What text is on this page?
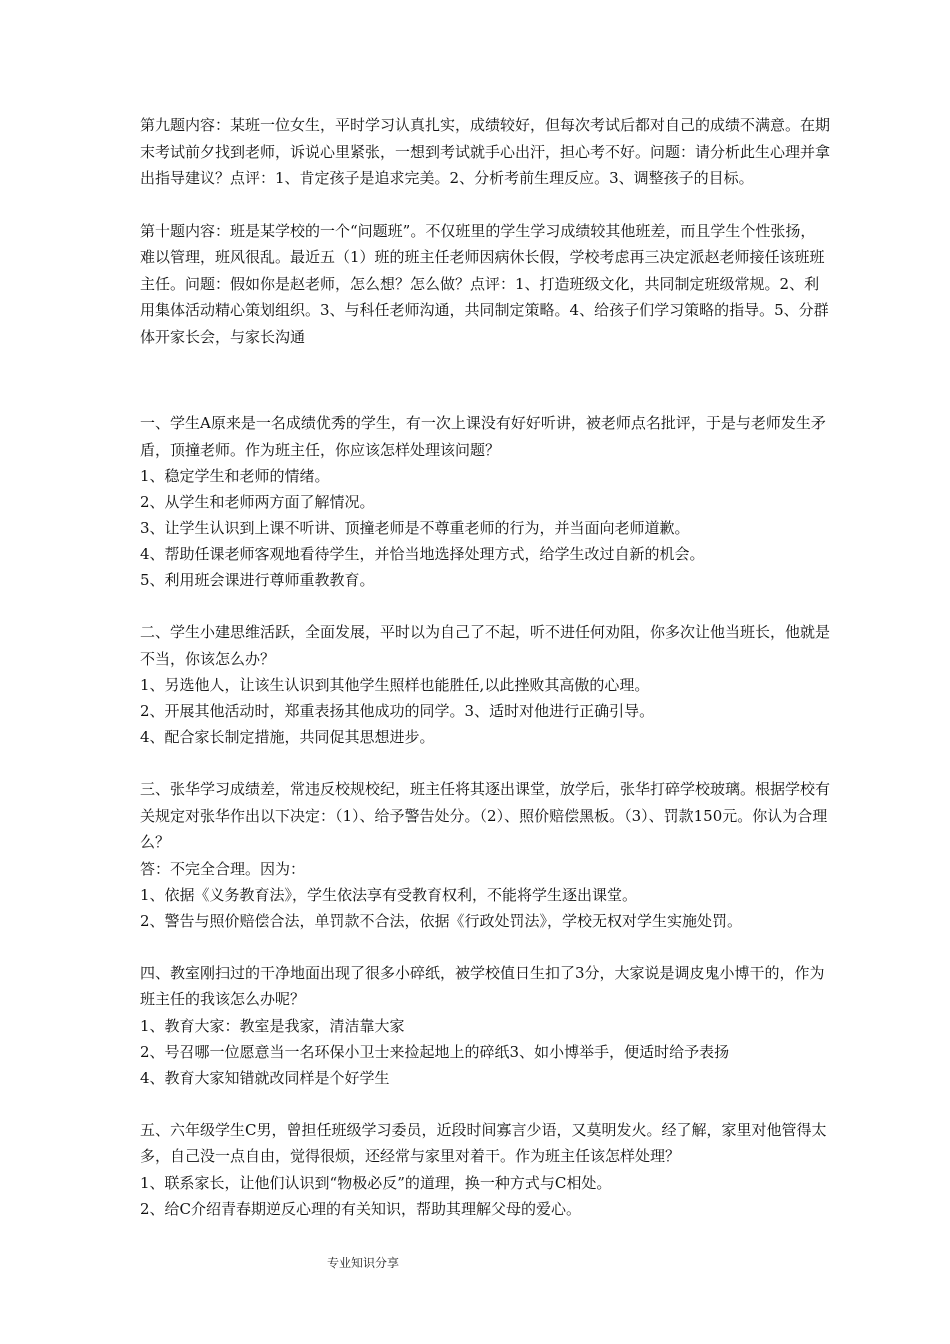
第九题内容：某班一位女生，平时学习认真扎实，成绩较好，但每次考试后都对自己的成绩不满意。在期末考试前夕找到老师，诉说心里紧张，一想到考试就手心出汗，担心考不好。问题：请分析此生心理并拿出指导建议？点评：1、肯定孩子是追求完美。2、分析考前生理反应。3、调整孩子的目标。

第十题内容：班是某学校的一个“问题班”。不仅班里的学生学习成绩较其他班差，而且学生个性张扬，难以管理，班风很乱。最近五（1）班的班主任老师因病休长假，学校考虑再三决定派赵老师接任该班班主任。问题：假如你是赵老师，怎么想？怎么做？点评：1、打造班级文化，共同制定班级常规。2、利用集体活动精心策划组织。3、与科任老师沟通，共同制定策略。4、给孩子们学习策略的指导。5、分群体开家长会，与家长沟通

一、学生A原来是一名成绩优秀的学生，有一次上课没有好好听讲，被老师点名批评，于是与老师发生矛盾，顶撞老师。作为班主任，你应该怎样处理该问题？

1、稳定学生和老师的情绪。
2、从学生和老师两方面了解情况。
3、让学生认识到上课不听讲、顶撞老师是不尊重老师的行为，并当面向老师道歉。
4、帮助任课老师客观地看待学生，并恰当地选择处理方式，给学生改过自新的机会。
5、利用班会课进行尊师重教教育。

二、学生小建思维活跃，全面发展，平时以为自己了不起，听不进任何劝阻，你多次让他当班长，他就是不当，你该怎么办？

1、另选他人，让该生认识到其他学生照样也能胜任,以此挫败其高傲的心理。
2、开展其他活动时，郑重表扬其他成功的同学。3、适时对他进行正确引导。
4、配合家长制定措施，共同促其思想进步。

三、张华学习成绩差，常违反校规校纪，班主任将其逐出课堂，放学后，张华打碎学校玻璃。根据学校有关规定对张华作出以下决定：（1）、给予警告处分。（2）、照价赔偿黑板。（3）、罚款150元。你认为合理么？

答：不完全合理。因为：
1、依据《义务教育法》，学生依法享有受教育权利，不能将学生逐出课堂。
2、警告与照价赔偿合法，单罚款不合法，依据《行政处罚法》，学校无权对学生实施处罚。

四、教室刚扫过的干净地面出现了很多小碎纸，被学校值日生扣了3分，大家说是调皮鬼小博干的，作为班主任的我该怎么办呢？

1、教育大家：教室是我家，清洁靠大家
2、号召哪一位愿意当一名环保小卫士来捡起地上的碎纸3、如小博举手，便适时给予表扬
4、教育大家知错就改同样是个好学生

五、六年级学生C男，曾担任班级学习委员，近段时间寡言少语，又莫明发火。经了解，家里对他管得太多，自己没一点自由，觉得很烦，还经常与家里对着干。作为班主任该怎样处理？

1、联系家长，让他们认识到“物极必反”的道理，换一种方式与C相处。
2、给C介绍青春期逆反心理的有关知识，帮助其理解父母的爱心。
专业知识分享
